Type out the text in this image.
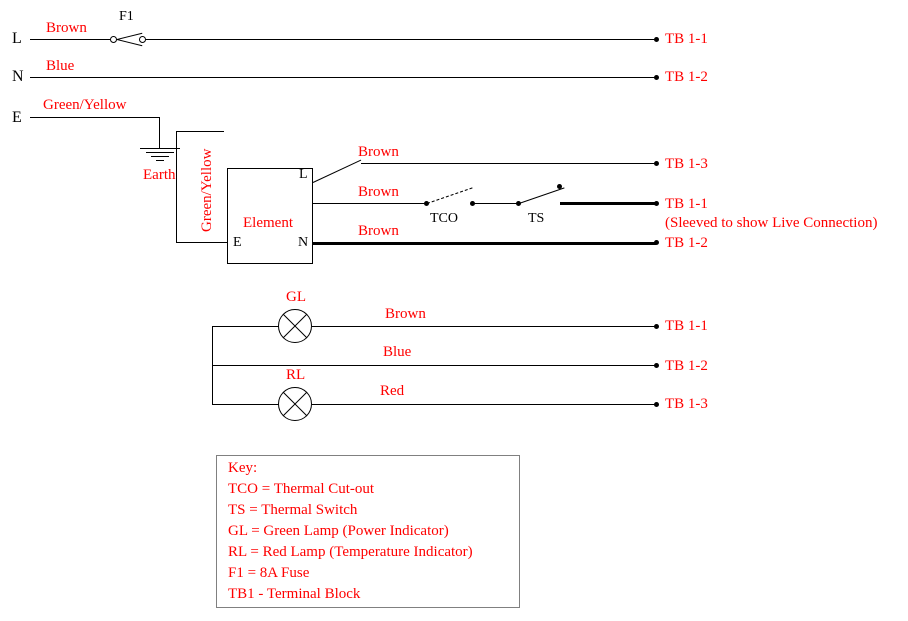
L
Brown
F1
TB 1-1
N
Blue
TB 1-2
E
Green/Yellow
Earth Green/Yellow Element
L
N
E
Brown
TB 1-3
Brown
TCO	TS
TB 1-1
(Sleeved to show Live Connection)
Brown
TB 1-2
GL
Brown
TB 1-1
Blue
TB 1-2
RL
Red
TB 1-3
Key:
TCO = Thermal Cut-out
TS = Thermal Switch
GL = Green Lamp (Power Indicator)
RL = Red Lamp (Temperature Indicator)
F1 = 8A Fuse
TB1 - Terminal Block
